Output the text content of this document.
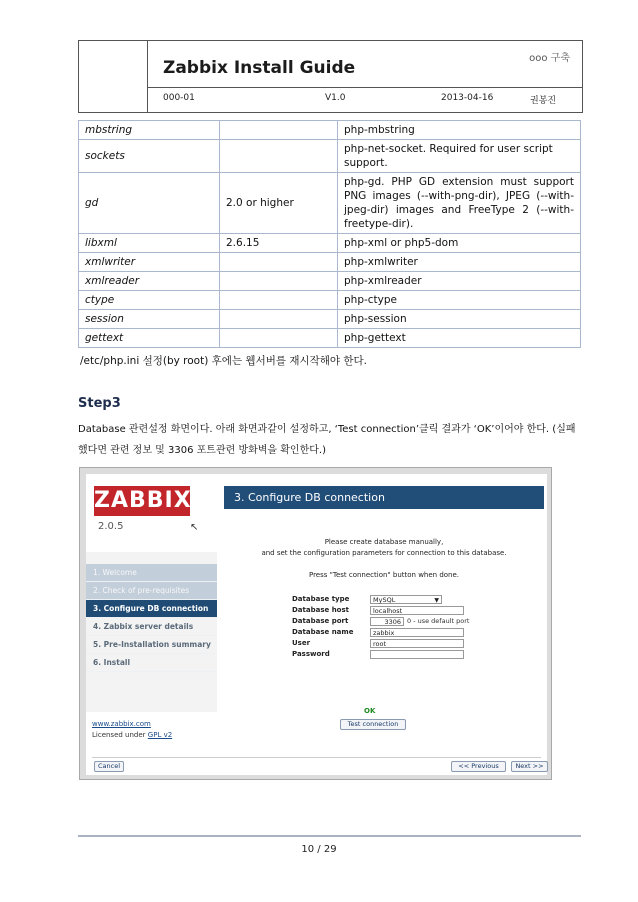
Zabbix Install Guide	ooo 구축
000-01	V1.0	2013-04-16	권봉진
mbstring		php-mbstring
sockets		php-net-socket. Required for user script support.
gd	2.0 or higher	php-gd. PHP GD extension must support PNG images (--with-png-dir), JPEG (--with-jpeg-dir) images and FreeType 2 (--with-freetype-dir).
libxml	2.6.15	php-xml or php5-dom
xmlwriter		php-xmlwriter
xmlreader		php-xmlreader
ctype		php-ctype
session		php-session
gettext		php-gettext
/etc/php.ini 설정(by root) 후에는 웹서버를 재시작해야 한다.
Step3
Database 관련설정 화면이다. 아래 화면과같이 설정하고, ‘Test connection’클릭 결과가 ‘OK’이어야 한다. (실패했다면 관련 정보 및 3306 포트관련 방화벽을 확인한다.)
ZABBIX
2.0.5	↖
1. Welcome
2. Check of pre-requisites
3. Configure DB connection
4. Zabbix server details
5. Pre-Installation summary
6. Install
www.zabbix.com
Licensed under GPL v2
3. Configure DB connection
Please create database manually,
and set the configuration parameters for connection to this database.
Press "Test connection" button when done.
Database type	MySQL	▼
Database host	localhost
Database port	3306 0 - use default port
Database name	zabbix
User	root
Password
OK
Test connection
Cancel	<< Previous	Next >>
10 / 29
